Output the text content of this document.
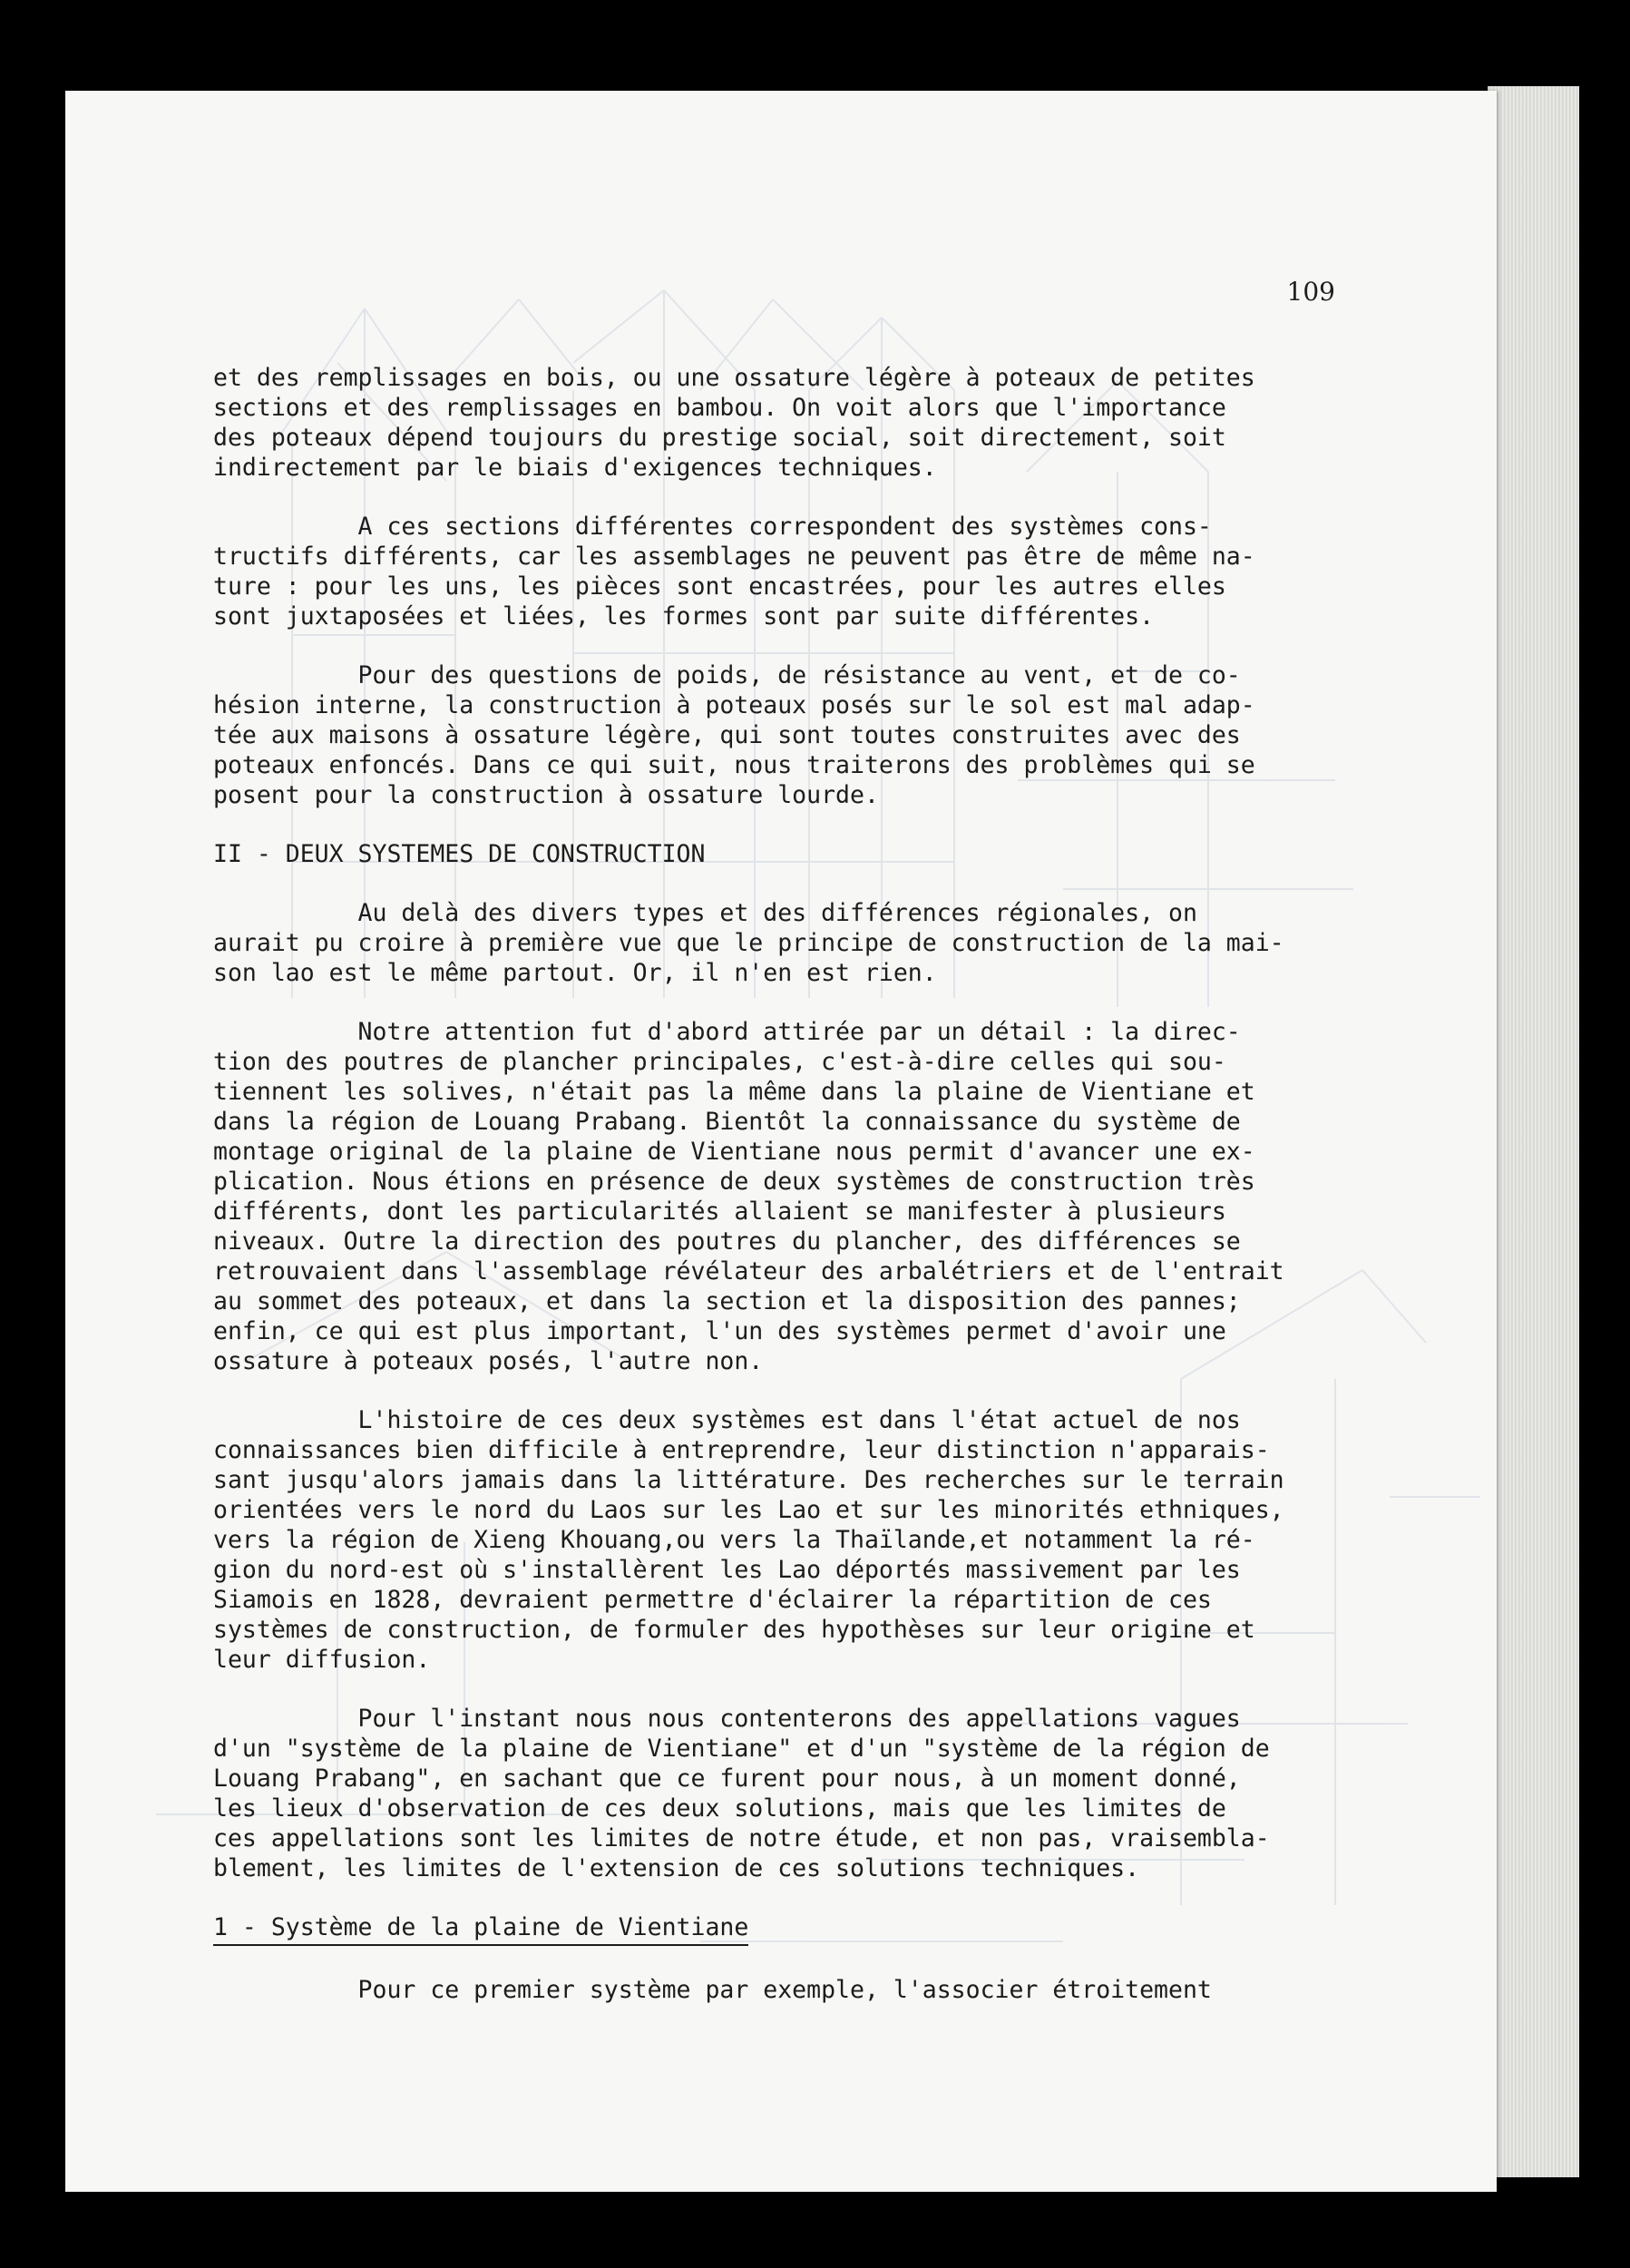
109

et des remplissages en bois, ou une ossature légère à poteaux de petites
sections et des remplissages en bambou. On voit alors que l'importance
des poteaux dépend toujours du prestige social, soit directement, soit
indirectement par le biais d'exigences techniques.
A ces sections différentes correspondent des systèmes cons-
tructifs différents, car les assemblages ne peuvent pas être de même na-
ture : pour les uns, les pièces sont encastrées, pour les autres elles
sont juxtaposées et liées, les formes sont par suite différentes.
Pour des questions de poids, de résistance au vent, et de co-
hésion interne, la construction à poteaux posés sur le sol est mal adap-
tée aux maisons à ossature légère, qui sont toutes construites avec des
poteaux enfoncés. Dans ce qui suit, nous traiterons des problèmes qui se
posent pour la construction à ossature lourde.
II - DEUX SYSTEMES DE CONSTRUCTION
Au delà des divers types et des différences régionales, on
aurait pu croire à première vue que le principe de construction de la mai-
son lao est le même partout. Or, il n'en est rien.
Notre attention fut d'abord attirée par un détail : la direc-
tion des poutres de plancher principales, c'est-à-dire celles qui sou-
tiennent les solives, n'était pas la même dans la plaine de Vientiane et
dans la région de Louang Prabang. Bientôt la connaissance du système de
montage original de la plaine de Vientiane nous permit d'avancer une ex-
plication. Nous étions en présence de deux systèmes de construction très
différents, dont les particularités allaient se manifester à plusieurs
niveaux. Outre la direction des poutres du plancher, des différences se
retrouvaient dans l'assemblage révélateur des arbalétriers et de l'entrait
au sommet des poteaux, et dans la section et la disposition des pannes;
enfin, ce qui est plus important, l'un des systèmes permet d'avoir une
ossature à poteaux posés, l'autre non.
L'histoire de ces deux systèmes est dans l'état actuel de nos
connaissances bien difficile à entreprendre, leur distinction n'apparais-
sant jusqu'alors jamais dans la littérature. Des recherches sur le terrain
orientées vers le nord du Laos sur les Lao et sur les minorités ethniques,
vers la région de Xieng Khouang,ou vers la Thaïlande,et notamment la ré-
gion du nord-est où s'installèrent les Lao déportés massivement par les
Siamois en 1828, devraient permettre d'éclairer la répartition de ces
systèmes de construction, de formuler des hypothèses sur leur origine et
leur diffusion.
Pour l'instant nous nous contenterons des appellations vagues
d'un "système de la plaine de Vientiane" et d'un "système de la région de
Louang Prabang", en sachant que ce furent pour nous, à un moment donné,
les lieux d'observation de ces deux solutions, mais que les limites de
ces appellations sont les limites de notre étude, et non pas, vraisembla-
blement, les limites de l'extension de ces solutions techniques.
1 - Système de la plaine de Vientiane
Pour ce premier système par exemple, l'associer étroitement
